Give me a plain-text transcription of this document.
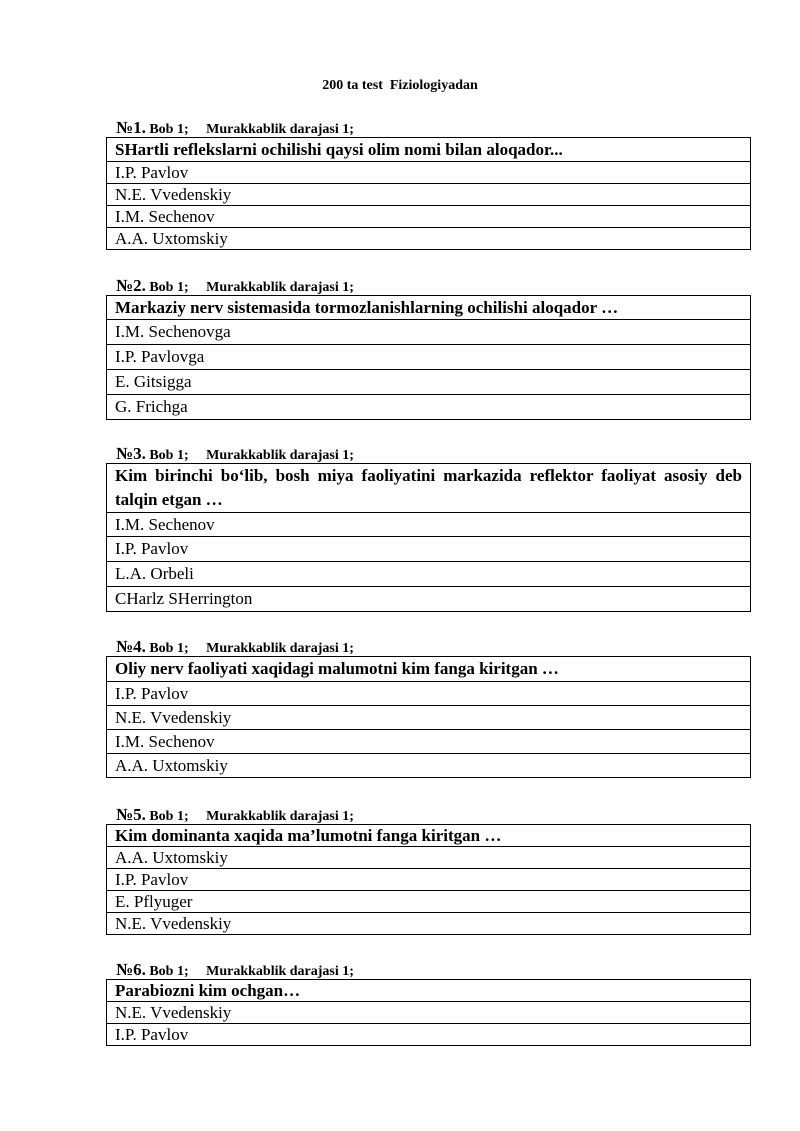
200 ta test  Fiziologiyadan
№1. Bob 1;     Murakkablik darajasi 1;
SHartli reflekslarni ochilishi qaysi olim nomi bilan aloqador...
I.P. Pavlov
N.E. Vvedenskiy
I.M. Sechenov
A.A. Uxtomskiy
№2. Bob 1;     Murakkablik darajasi 1;
Markaziy nerv sistemasida tormozlanishlarning ochilishi aloqador …
I.M. Sechenovga
I.P. Pavlovga
E. Gitsigga
G. Frichga
№3. Bob 1;     Murakkablik darajasi 1;
Kim birinchi bo‘lib, bosh miya faoliyatini markazida reflektor faoliyat asosiy deb talqin etgan …
I.M. Sechenov
I.P. Pavlov
L.A. Orbeli
CHarlz SHerrington
№4. Bob 1;     Murakkablik darajasi 1;
Oliy nerv faoliyati xaqidagi malumotni kim fanga kiritgan …
I.P. Pavlov
N.E. Vvedenskiy
I.M. Sechenov
A.A. Uxtomskiy
№5. Bob 1;     Murakkablik darajasi 1;
Kim dominanta xaqida ma’lumotni fanga kiritgan …
A.A. Uxtomskiy
I.P. Pavlov
E. Pflyuger
N.E. Vvedenskiy
№6. Bob 1;     Murakkablik darajasi 1;
Parabiozni kim ochgan…
N.E. Vvedenskiy
I.P. Pavlov
